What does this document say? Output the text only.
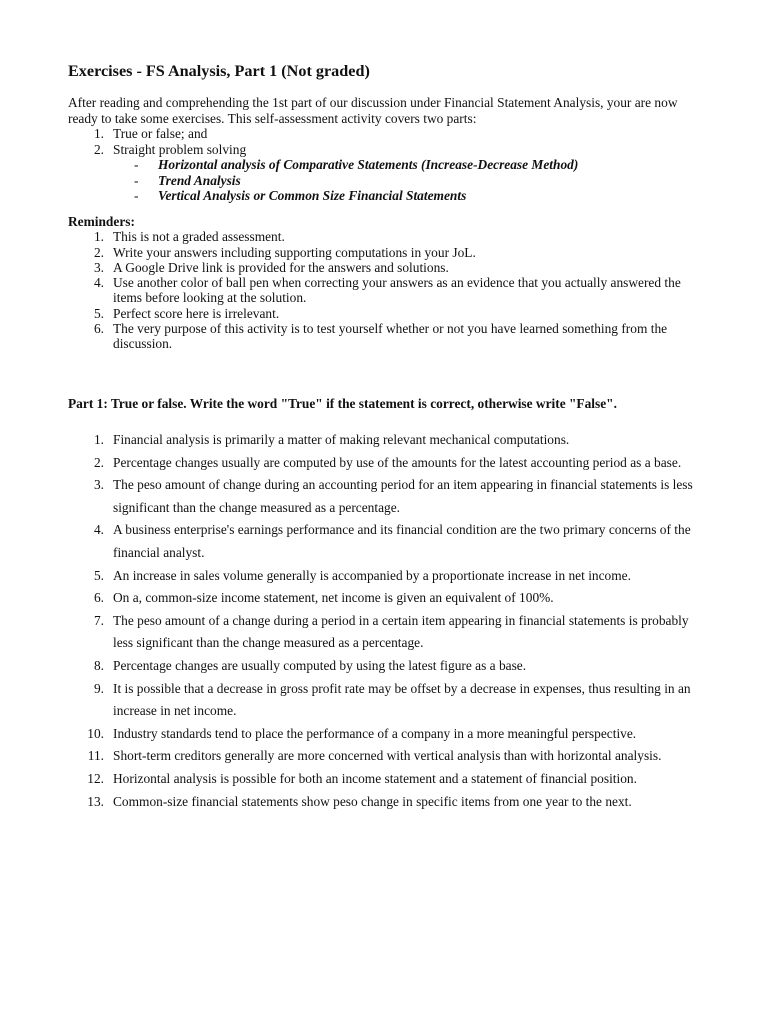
Exercises - FS Analysis, Part 1 (Not graded)

After reading and comprehending the 1st part of our discussion under Financial Statement Analysis, your are now ready to take some exercises. This self-assessment activity covers two parts:

1. True or false; and
2. Straight problem solving
- Horizontal analysis of Comparative Statements (Increase-Decrease Method)
- Trend Analysis
- Vertical Analysis or Common Size Financial Statements
Reminders:
1. This is not a graded assessment.
2. Write your answers including supporting computations in your JoL.
3. A Google Drive link is provided for the answers and solutions.
4. Use another color of ball pen when correcting your answers as an evidence that you actually answered the items before looking at the solution.
5. Perfect score here is irrelevant.
6. The very purpose of this activity is to test yourself whether or not you have learned something from the discussion.
Part 1: True or false. Write the word "True" if the statement is correct, otherwise write "False".
1. Financial analysis is primarily a matter of making relevant mechanical computations.
2. Percentage changes usually are computed by use of the amounts for the latest accounting period as a base.
3. The peso amount of change during an accounting period for an item appearing in financial statements is less significant than the change measured as a percentage.
4. A business enterprise's earnings performance and its financial condition are the two primary concerns of the financial analyst.
5. An increase in sales volume generally is accompanied by a proportionate increase in net income.
6. On a, common-size income statement, net income is given an equivalent of 100%.
7. The peso amount of a change during a period in a certain item appearing in financial statements is probably less significant than the change measured as a percentage.
8. Percentage changes are usually computed by using the latest figure as a base.
9. It is possible that a decrease in gross profit rate may be offset by a decrease in expenses, thus resulting in an increase in net income.
10. Industry standards tend to place the performance of a company in a more meaningful perspective.
11. Short-term creditors generally are more concerned with vertical analysis than with horizontal analysis.
12. Horizontal analysis is possible for both an income statement and a statement of financial position.
13. Common-size financial statements show peso change in specific items from one year to the next.
